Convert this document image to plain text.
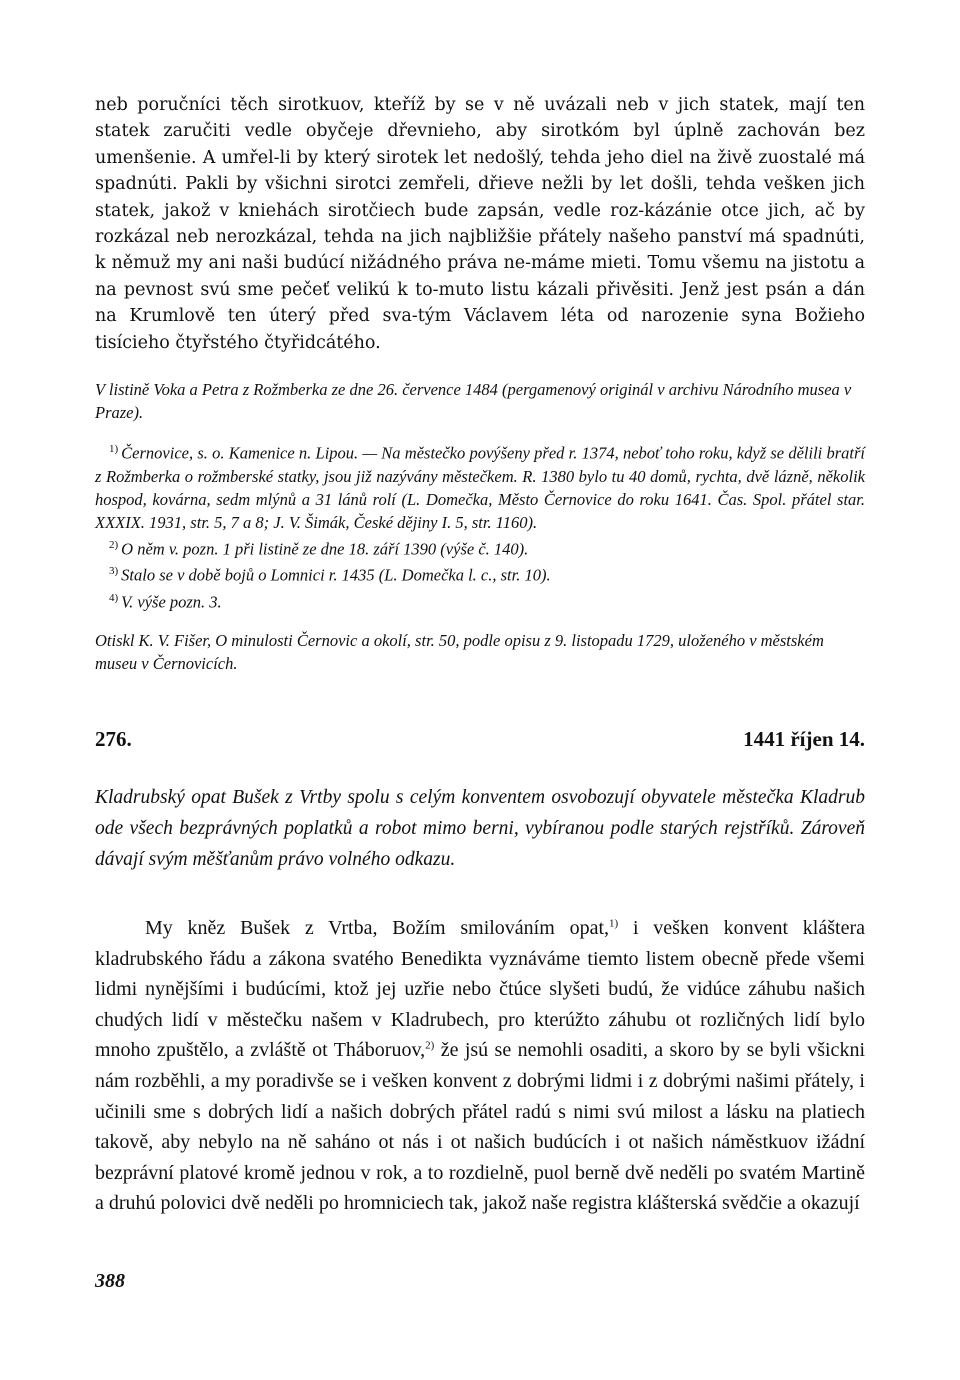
neb poručníci těch sirotkuov, kteříž by se v ně uvázali neb v jich statek, mají ten statek zaručiti vedle obyčeje dřevnieho, aby sirotkóm byl úplně zachován bez umenšenie. A umřel-li by který sirotek let nedošlý, tehda jeho diel na živě zuostalé má spadnúti. Pakli by všichni sirotci zemřeli, dřieve nežli by let došli, tehda vešken jich statek, jakož v kniehách sirotčiech bude zapsán, vedle roz-kázánie otce jich, ač by rozkázal neb nerozkázal, tehda na jich najbližšie přátely našeho panství má spadnúti, k němuž my ani naši budúcí nižádného práva ne-máme mieti. Tomu všemu na jistotu a na pevnost svú sme pečeť velikú k to-muto listu kázali přivěsiti. Jenž jest psán a dán na Krumlově ten úterý před sva-tým Václavem léta od narozenie syna Božieho tisícieho čtyřstého čtyřidcátého.

V listině Voka a Petra z Rožmberka ze dne 26. července 1484 (pergamenový originál v archivu Národního musea v Praze).

$^{1)}$ Černovice, s. o. Kamenice n. Lipou. — Na městečko povýšeny před r. 1374, neboť toho roku, když se dělili bratří z Rožmberka o rožmberské statky, jsou již nazývány městečkem. R. 1380 bylo tu 40 domů, rychta, dvě lázně, několik hospod, kovárna, sedm mlýnů a 31 lánů rolí (L. Domečka, Město Černovice do roku 1641. Čas. Spol. přátel star. XXXIX. 1931, str. 5, 7 a 8; J. V. Šimák, České dějiny I. 5, str. 1160).

$^{2)}$ O něm v. pozn. 1 při listině ze dne 18. září 1390 (výše č. 140).

$^{3)}$ Stalo se v době bojů o Lomnici r. 1435 (L. Domečka l. c., str. 10).

$^{4)}$ V. výše pozn. 3.

Otiskl K. V. Fišer, O minulosti Černovic a okolí, str. 50, podle opisu z 9. listopadu 1729, uloženého v městském museu v Černovicích.

276.	1441 říjen 14.

Kladrubský opat Bušek z Vrtby spolu s celým konventem osvobozují obyvatele městečka Kladrub ode všech bezprávných poplatků a robot mimo berni, vybíranou podle starých rejstříků. Zároveň dávají svým měšťanům právo volného odkazu.

My kněz Bušek z Vrtba, Božím smilováním opat,$^{1)}$ i vešken konvent kláštera kladrubského řádu a zákona svatého Benedikta vyznáváme tiemto listem obecně přede všemi lidmi nynějšími i budúcími, ktož jej uzřie nebo čtúce slyšeti budú, že vidúce záhubu našich chudých lidí v městečku našem v Kladrubech, pro kterúžto záhubu ot rozličných lidí bylo mnoho zpuštělo, a zvláště ot Tháboruov,$^{2)}$ že jsú se nemohli osaditi, a skoro by se byli všickni nám rozběhli, a my poradivše se i vešken konvent z dobrými lidmi i z dobrými našimi přátely, i učinili sme s dobrých lidí a našich dobrých přátel radú s nimi svú milost a lásku na platiech takově, aby nebylo na ně saháno ot nás i ot našich budúcích i ot našich náměstkuov ižádní bezprávní platové kromě jednou v rok, a to rozdielně, puol berně dvě neděli po svatém Martině a druhú polovici dvě neděli po hromniciech tak, jakož naše registra klášterská svědčie a okazují

388
